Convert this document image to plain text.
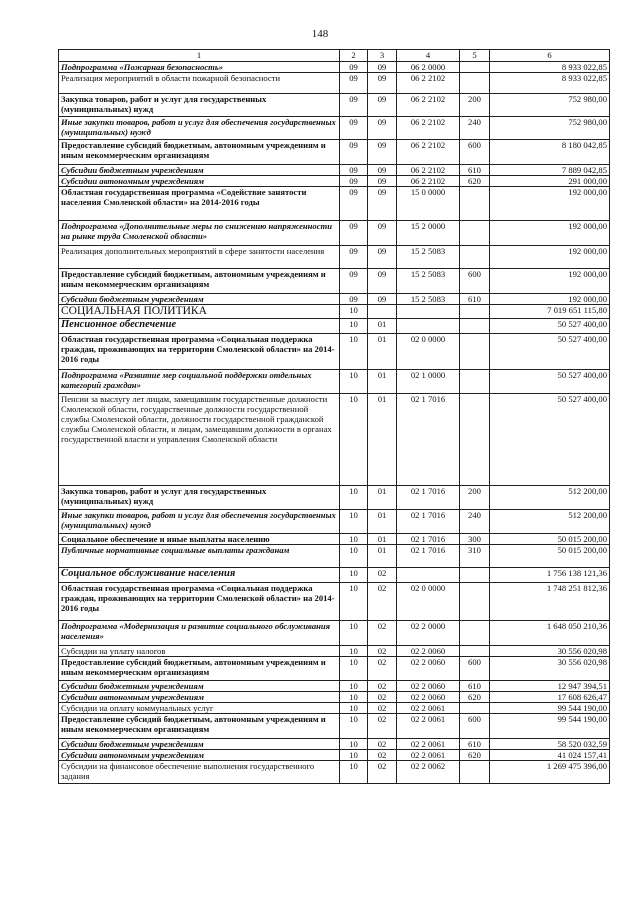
148
1	2	3	4	5	6
Подпрограмма «Пожарная безопасность»	09	09	06 2 0000		8 933 022,85
Реализация мероприятий в области пожарной безопасности	09	09	06 2 2102		8 933 022,85
Закупка товаров, работ и услуг для государственных (муниципальных) нужд	09	09	06 2 2102	200	752 980,00
Иные закупки товаров, работ и услуг для обеспечения государственных (муниципальных) нужд	09	09	06 2 2102	240	752 980,00
Предоставление субсидий бюджетным, автономным учреждениям и иным некоммерческим организациям	09	09	06 2 2102	600	8 180 042,85
Субсидии бюджетным учреждениям	09	09	06 2 2102	610	7 889 042,85
Субсидии автономным учреждениям	09	09	06 2 2102	620	291 000,00
Областная государственная программа «Содействие занятости населения Смоленской области» на 2014-2016 годы	09	09	15 0 0000		192 000,00
Подпрограмма «Дополнительные меры по снижению напряженности на рынке труда Смоленской области»	09	09	15 2 0000		192 000,00
Реализация дополнительных мероприятий в сфере занятости населения	09	09	15 2 5083		192 000,00
Предоставление субсидий бюджетным, автономным учреждениям и иным некоммерческим организациям	09	09	15 2 5083	600	192 000,00
Субсидии бюджетным учреждениям	09	09	15 2 5083	610	192 000,00
СОЦИАЛЬНАЯ ПОЛИТИКА	10				7 019 651 115,80
Пенсионное обеспечение	10	01			50 527 400,00
Областная государственная программа «Социальная поддержка граждан, проживающих на территории Смоленской области» на 2014-2016 годы	10	01	02 0 0000		50 527 400,00
Подпрограмма «Развитие мер социальной поддержки отдельных категорий граждан»	10	01	02 1 0000		50 527 400,00
Пенсии за выслугу лет лицам, замещавшим государственные должности Смоленской области, государственные должности государственной службы Смоленской области, должности государственной гражданской службы Смоленской области, и лицам, замещавшим должности в органах государственной власти и управления Смоленской области	10	01	02 1 7016		50 527 400,00
Закупка товаров, работ и услуг для государственных (муниципальных) нужд	10	01	02 1 7016	200	512 200,00
Иные закупки товаров, работ и услуг для обеспечения государственных (муниципальных) нужд	10	01	02 1 7016	240	512 200,00
Социальное обеспечение и иные выплаты населению	10	01	02 1 7016	300	50 015 200,00
Публичные нормативные социальные выплаты гражданам	10	01	02 1 7016	310	50 015 200,00
Социальное обслуживание населения	10	02			1 756 138 121,36
Областная государственная программа «Социальная поддержка граждан, проживающих на территории Смоленской области» на 2014-2016 годы	10	02	02 0 0000		1 748 251 812,36
Подпрограмма «Модернизация и развитие социального обслуживания населения»	10	02	02 2 0000		1 648 050 210,36
Субсидии на уплату налогов	10	02	02 2 0060		30 556 020,98
Предоставление субсидий бюджетным, автономным учреждениям и иным некоммерческим организациям	10	02	02 2 0060	600	30 556 020,98
Субсидии бюджетным учреждениям	10	02	02 2 0060	610	12 947 394,51
Субсидии автономным учреждениям	10	02	02 2 0060	620	17 608 626,47
Субсидии на оплату коммунальных услуг	10	02	02 2 0061		99 544 190,00
Предоставление субсидий бюджетным, автономным учреждениям и иным некоммерческим организациям	10	02	02 2 0061	600	99 544 190,00
Субсидии бюджетным учреждениям	10	02	02 2 0061	610	58 520 032,59
Субсидии автономным учреждениям	10	02	02 2 0061	620	41 024 157,41
Субсидии на финансовое обеспечение выполнения государственного задания	10	02	02 2 0062		1 269 475 396,00
